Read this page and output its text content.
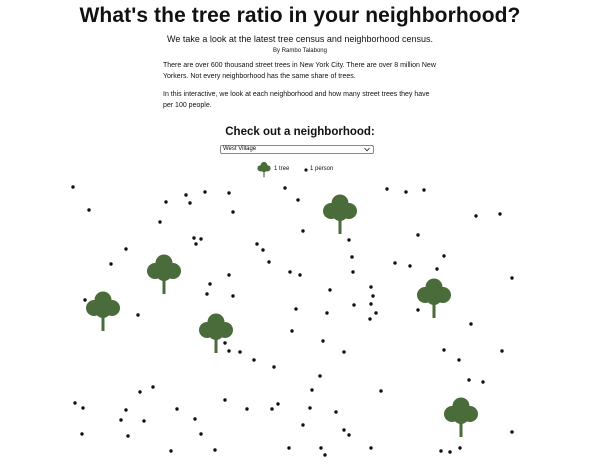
What's the tree ratio in your neighborhood?
We take a look at the latest tree census and neighborhood census.
By Rambo Talabong
There are over 600 thousand street trees in New York City. There are over 8 million New Yorkers. Not every neighborhood has the same share of trees.
In this interactive, we look at each neighborhood and how many street trees they have per 100 people.
Check out a neighborhood:
West Village
1 tree	1 person
